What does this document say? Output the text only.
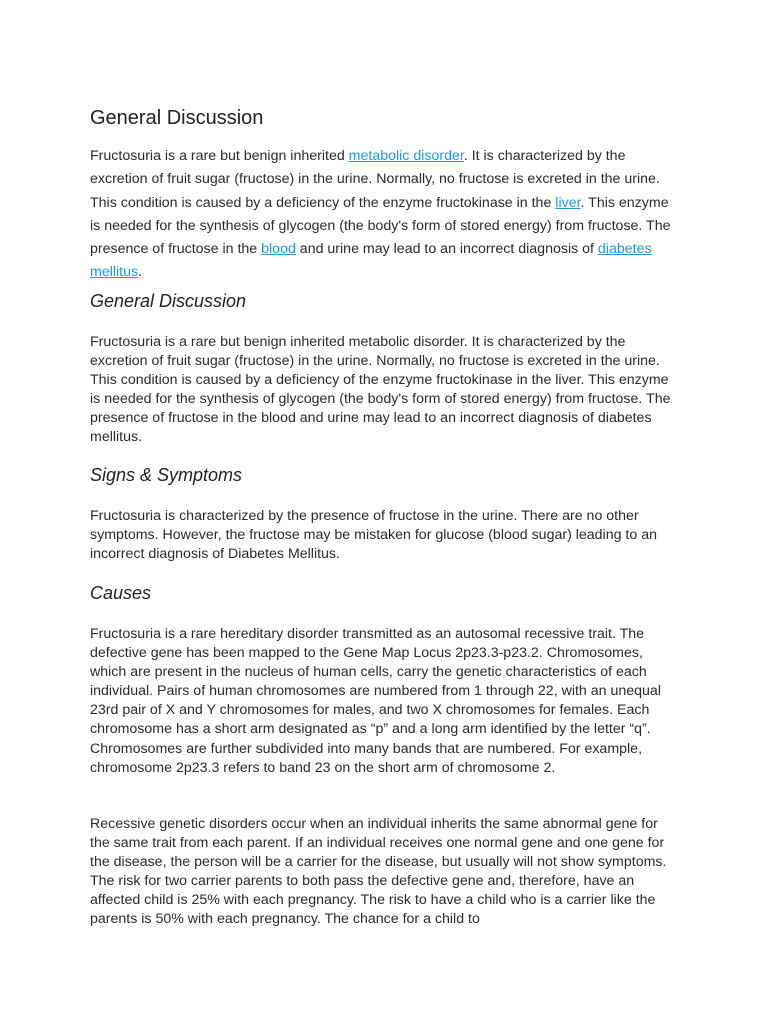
General Discussion

Fructosuria is a rare but benign inherited metabolic disorder. It is characterized by the excretion of fruit sugar (fructose) in the urine. Normally, no fructose is excreted in the urine. This condition is caused by a deficiency of the enzyme fructokinase in the liver. This enzyme is needed for the synthesis of glycogen (the body's form of stored energy) from fructose. The presence of fructose in the blood and urine may lead to an incorrect diagnosis of diabetes mellitus.

General Discussion

Fructosuria is a rare but benign inherited metabolic disorder. It is characterized by the excretion of fruit sugar (fructose) in the urine. Normally, no fructose is excreted in the urine. This condition is caused by a deficiency of the enzyme fructokinase in the liver. This enzyme is needed for the synthesis of glycogen (the body's form of stored energy) from fructose. The presence of fructose in the blood and urine may lead to an incorrect diagnosis of diabetes mellitus.

Signs & Symptoms

Fructosuria is characterized by the presence of fructose in the urine. There are no other symptoms. However, the fructose may be mistaken for glucose (blood sugar) leading to an incorrect diagnosis of Diabetes Mellitus.

Causes

Fructosuria is a rare hereditary disorder transmitted as an autosomal recessive trait. The defective gene has been mapped to the Gene Map Locus 2p23.3-p23.2. Chromosomes, which are present in the nucleus of human cells, carry the genetic characteristics of each individual. Pairs of human chromosomes are numbered from 1 through 22, with an unequal 23rd pair of X and Y chromosomes for males, and two X chromosomes for females. Each chromosome has a short arm designated as “p” and a long arm identified by the letter “q”. Chromosomes are further subdivided into many bands that are numbered. For example, chromosome 2p23.3 refers to band 23 on the short arm of chromosome 2.

Recessive genetic disorders occur when an individual inherits the same abnormal gene for the same trait from each parent. If an individual receives one normal gene and one gene for the disease, the person will be a carrier for the disease, but usually will not show symptoms. The risk for two carrier parents to both pass the defective gene and, therefore, have an affected child is 25% with each pregnancy. The risk to have a child who is a carrier like the parents is 50% with each pregnancy. The chance for a child to
